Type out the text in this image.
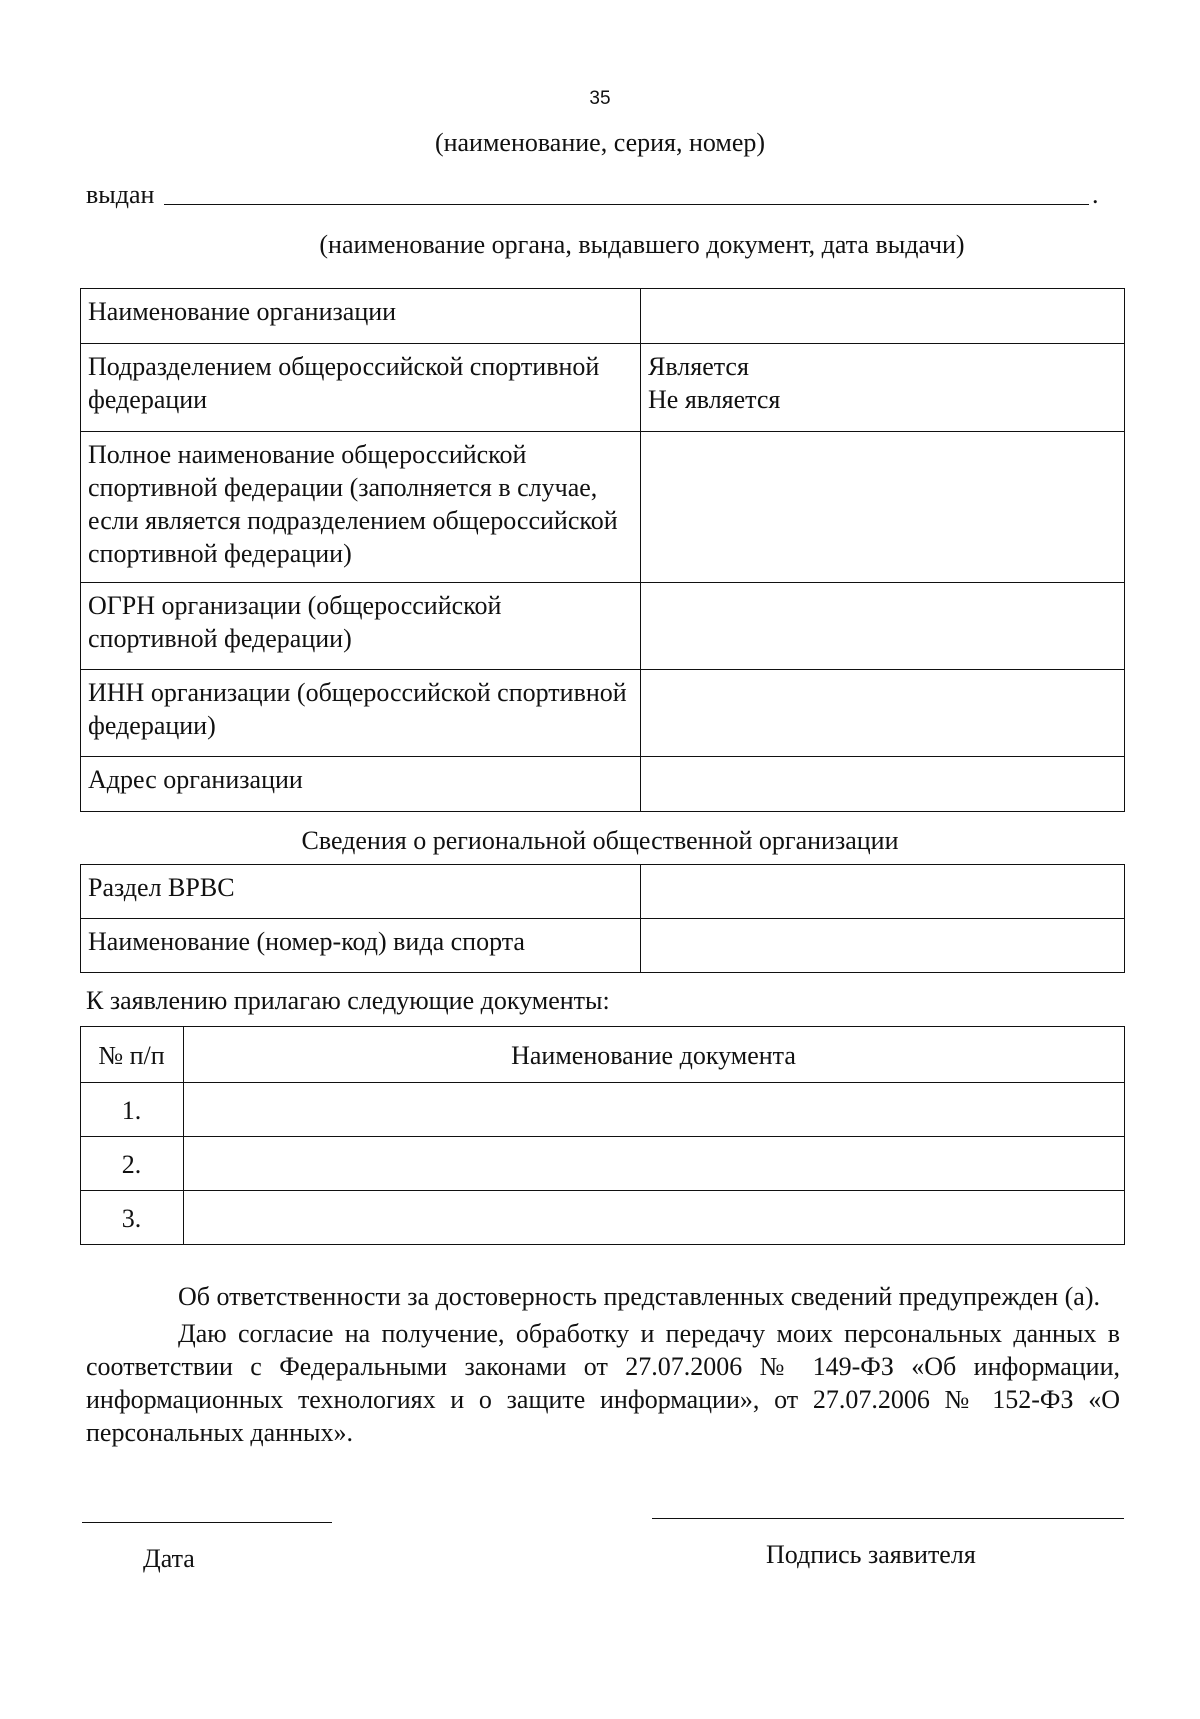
35
(наименование, серия, номер)
выдан	.
(наименование органа, выдавшего документ, дата выдачи)
Наименование организации	
Подразделением общероссийской спортивной федерации	Является
Не является

Полное наименование общероссийской спортивной федерации (заполняется в случае, если является подразделением общероссийской спортивной федерации)	
ОГРН организации (общероссийской спортивной федерации)	
ИНН организации (общероссийской спортивной федерации)	
Адрес организации	
Сведения о региональной общественной организации
Раздел ВРВС	
Наименование (номер-код) вида спорта	
К заявлению прилагаю следующие документы:
№ п/п	Наименование документа
1.	
2.	
3.	

Об ответственности за достоверность представленных сведений предупрежден (а).

Даю согласие на получение, обработку и передачу моих персональных данных в соответствии с Федеральными законами от 27.07.2006 № 149-ФЗ «Об информации, информационных технологиях и о защите информации», от 27.07.2006 № 152-ФЗ «О персональных данных».

Дата	Подпись заявителя
